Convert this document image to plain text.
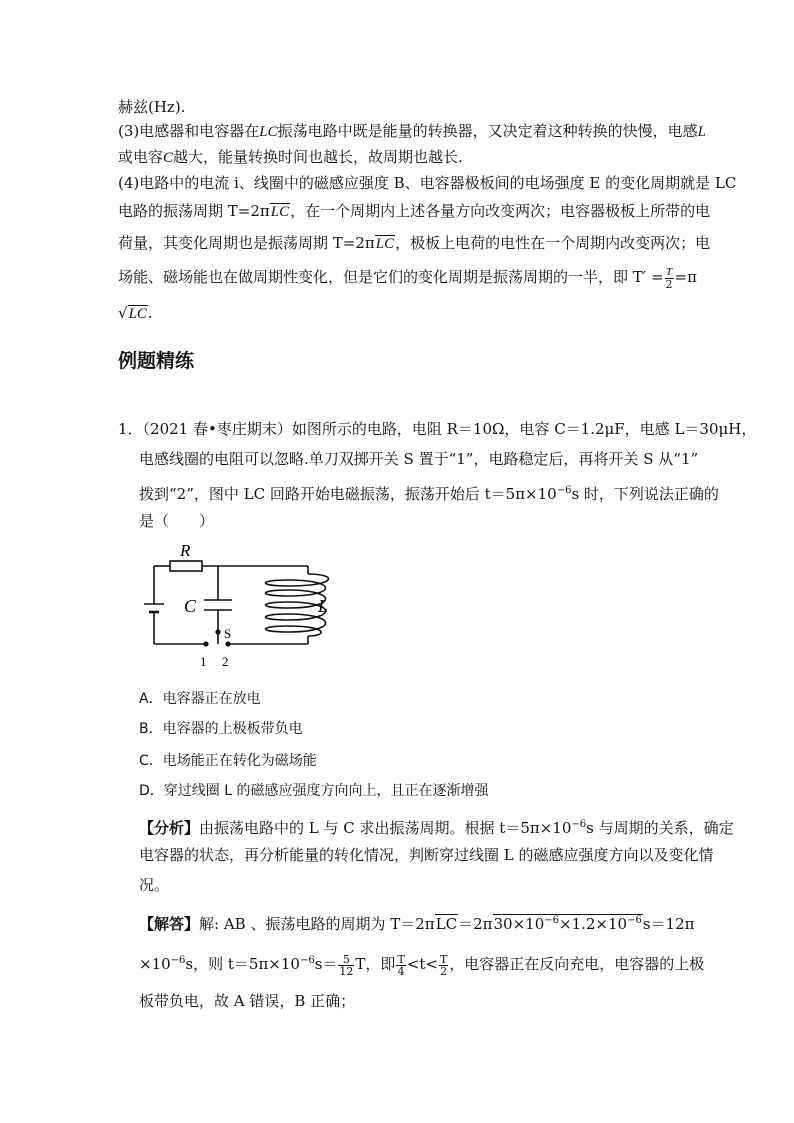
赫兹(Hz).
(3)电感器和电容器在LC振荡电路中既是能量的转换器，又决定着这种转换的快慢，电感L
或电容C越大，能量转换时间也越长，故周期也越长.
(4)电路中的电流 i、线圈中的磁感应强度 B、电容器极板间的电场强度 E 的变化周期就是 LC
电路的振荡周期 T=2πLC，在一个周期内上述各量方向改变两次；电容器极板上所带的电
荷量，其变化周期也是振荡周期 T=2πLC，极板上电荷的电性在一个周期内改变两次；电
场能、磁场能也在做周期性变化，但是它们的变化周期是振荡周期的一半，即 $T' = \frac{T}{2} =\pi$
√LC.
例题精练
1．（2021 春•枣庄期末）如图所示的电路，电阻 R＝10Ω，电容 C＝1.2μF，电感 L＝30μH，
电感线圈的电阻可以忽略.单刀双掷开关 S 置于“1”，电路稳定后，再将开关 S 从“1”
拨到“2”，图中 LC 回路开始电磁振荡，振荡开始后 $t=5\pi\times 10^{-6}s$ 时，下列说法正确的
是（　　）
R
C	L
S
1 2
A．电容器正在放电
B．电容器的上极板带负电
C．电场能正在转化为磁场能
D．穿过线圈 L 的磁感应强度方向向上，且正在逐渐增强
【分析】由振荡电路中的 L 与 C 求出振荡周期。根据 $t=5\pi\times 10^{-6}s$ 与周期的关系，确定
电容器的状态，再分析能量的转化情况，判断穿过线圈 L 的磁感应强度方向以及变化情
况。
【解答】解: AB 、振荡电路的周期为 $T=2\pi LC=2\pi 30\times 10^{-6}\times 1.2\times 10^{-6}s=12\pi$
$\times 10^{-6}s$，则 $t=5\pi\times 10^{-6}s= \frac{5}{12}$ T，即 $\frac{T}{4} <t< \frac{T}{2}$ ，电容器正在反向充电，电容器的上极
板带负电，故 A 错误，B 正确；
